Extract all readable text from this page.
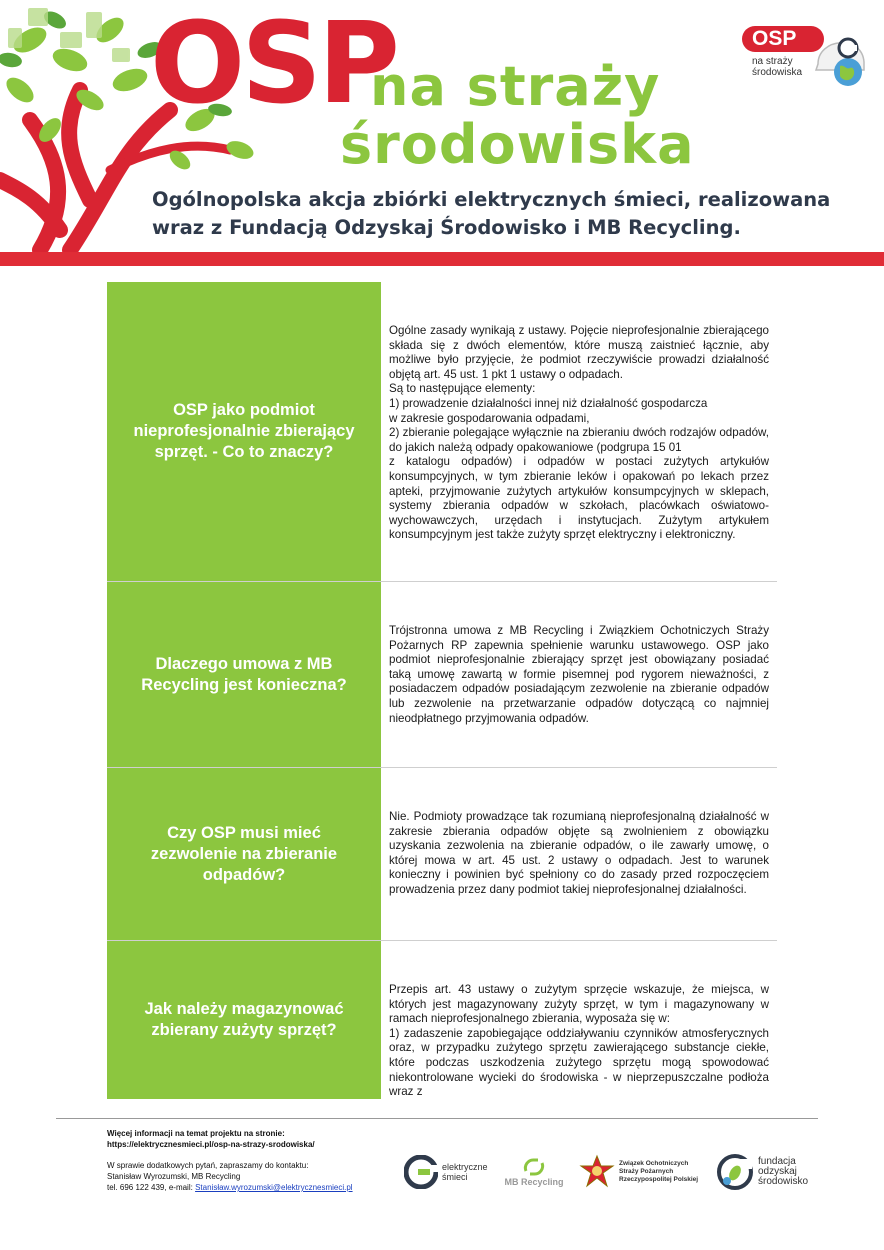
OSP
na straży
środowiska
Ogólnopolska akcja zbiórki elektrycznych śmieci, realizowana wraz z Fundacją Odzyskaj Środowisko i MB Recycling.
OSP
na straży środowiska
OSP jako podmiot nieprofesjonalnie zbierający sprzęt. - Co to znaczy?

Ogólne zasady wynikają z ustawy. Pojęcie nieprofesjonalnie zbierającego składa się z dwóch elementów, które muszą zaistnieć łącznie, aby możliwe było przyjęcie, że podmiot rzeczywiście prowadzi działalność objętą art. 45 ust. 1 pkt 1 ustawy o odpadach.

Są to następujące elementy:
1) prowadzenie działalności innej niż działalność gospodarcza
w zakresie gospodarowania odpadami,
2) zbieranie polegające wyłącznie na zbieraniu dwóch rodzajów odpadów, do jakich należą odpady opakowaniowe (podgrupa 15 01
z katalogu odpadów) i odpadów w postaci zużytych artykułów konsumpcyjnych, w tym zbieranie leków i opakowań po lekach przez apteki, przyjmowanie zużytych artykułów konsumpcyjnych w sklepach, systemy zbierania odpadów w szkołach, placówkach oświatowo-wychowawczych, urzędach i instytucjach. Zużytym artykułem konsumpcyjnym jest także zużyty sprzęt elektryczny i elektroniczny.
Dlaczego umowa z MB Recycling jest konieczna?

Trójstronna umowa z MB Recycling i Związkiem Ochotniczych Straży Pożarnych RP zapewnia spełnienie warunku ustawowego. OSP jako podmiot nieprofesjonalnie zbierający sprzęt jest obowiązany posiadać taką umowę zawartą w formie pisemnej pod rygorem nieważności, z posiadaczem odpadów posiadającym zezwolenie na zbieranie odpadów lub zezwolenie na przetwarzanie odpadów dotyczącą co najmniej nieodpłatnego przyjmowania odpadów.

Czy OSP musi mieć zezwolenie na zbieranie odpadów?

Nie. Podmioty prowadzące tak rozumianą nieprofesjonalną działalność w zakresie zbierania odpadów objęte są zwolnieniem z obowiązku uzyskania zezwolenia na zbieranie odpadów, o ile zawarły umowę, o której mowa w art. 45 ust. 2 ustawy o odpadach. Jest to warunek konieczny i powinien być spełniony co do zasady przed rozpoczęciem prowadzenia przez dany podmiot takiej nieprofesjonalnej działalności.

Jak należy magazynować zbierany zużyty sprzęt?

Przepis art. 43 ustawy o zużytym sprzęcie wskazuje, że miejsca, w których jest magazynowany zużyty sprzęt, w tym i magazynowany w ramach nieprofesjonalnego zbierania, wyposaża się w:

1) zadaszenie zapobiegające oddziaływaniu czynników atmosferycznych oraz, w przypadku zużytego sprzętu zawierającego substancje ciekłe, które podczas uszkodzenia zużytego sprzętu mogą spowodować niekontrolowane wycieki do środowiska - w nieprzepuszczalne podłoża wraz z

Więcej informacji na temat projektu na stronie:
https://elektrycznesmieci.pl/osp-na-strazy-srodowiska/
W sprawie dodatkowych pytań, zapraszamy do kontaktu:
Stanisław Wyrozumski, MB Recycling
tel. 696 122 439, e-mail: Stanisław.wyrozumski@elektrycznesmieci.pl
elektryczne śmieci	MB Recycling
Związek Ochotniczych Straży Pożarnych Rzeczypospolitej Polskiej
fundacja odzyskaj środowisko
